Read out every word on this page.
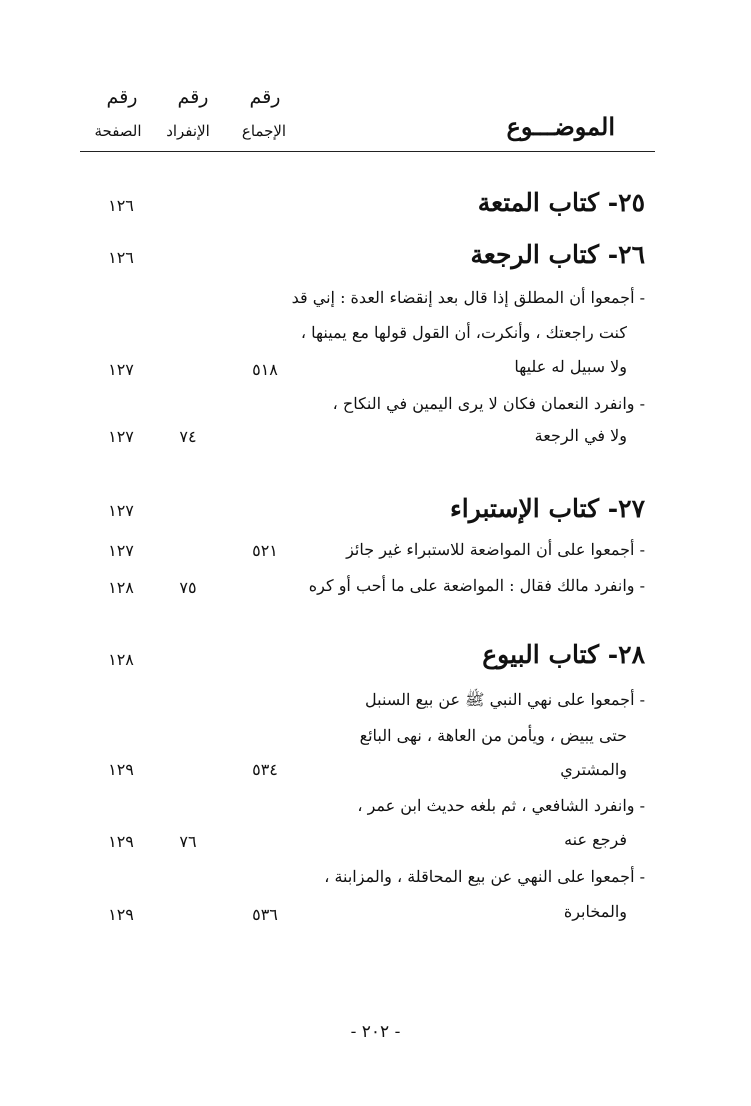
رقم
رقم
رقم
الإجماع
الإنفراد
الصفحة	الموضـــوع
٢٥- كتاب المتعة
١٢٦
٢٦- كتاب الرجعة
١٢٦
- أجمعوا أن المطلق إذا قال بعد إنقضاء العدة : إني قد
كنت راجعتك ، وأنكرت، أن القول قولها مع يمينها ،
ولا سبيل له عليها
٥١٨
١٢٧
- وانفرد النعمان فكان لا يرى اليمين في النكاح ،
ولا في الرجعة
٧٤
١٢٧
٢٧- كتاب الإستبراء
١٢٧
- أجمعوا على أن المواضعة للاستبراء غير جائز
٥٢١
١٢٧
- وانفرد مالك فقال : المواضعة على ما أحب أو كره
٧٥
١٢٨
٢٨- كتاب البيوع
١٢٨
- أجمعوا على نهي النبي ﷺ عن بيع السنبل
حتى يبيض ، ويأمن من العاهة ، نهى البائع
والمشتري
٥٣٤
١٢٩
- وانفرد الشافعي ، ثم بلغه حديث ابن عمر ،
فرجع عنه
٧٦
١٢٩
- أجمعوا على النهي عن بيع المحاقلة ، والمزابنة ،
والمخابرة
٥٣٦
١٢٩
- ٢٠٢ -
